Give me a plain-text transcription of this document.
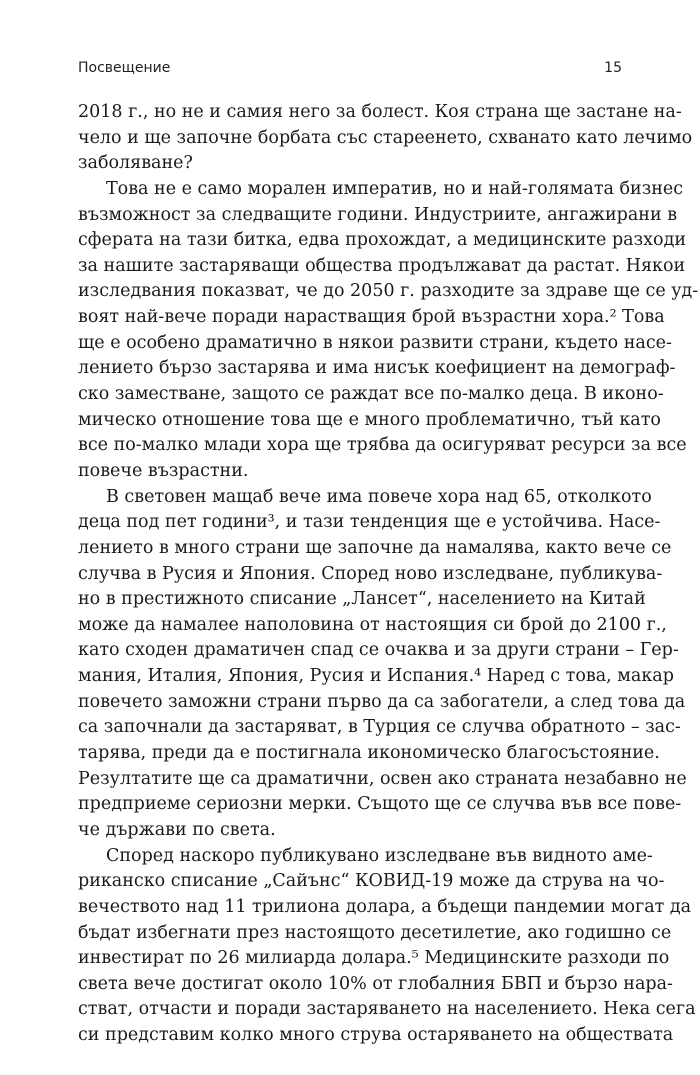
Посвещение	15
2018 г., но не и самия него за болест. Коя страна ще застане на-
чело и ще започне борбата със стареенето, схванато като лечимо
заболяване?
Това не е само морален императив, но и най-голямата бизнес
възможност за следващите години. Индустриите, ангажирани в
сферата на тази битка, едва прохождат, а медицинските разходи
за нашите застаряващи общества продължават да растат. Някои
изследвания показват, че до 2050 г. разходите за здраве ще се уд-
воят най-вече поради нарастващия брой възрастни хора.² Това
ще е особено драматично в някои развити страни, където насе-
лението бързо застарява и има нисък коефициент на демограф-
ско заместване, защото се раждат все по-малко деца. В иконо-
мическо отношение това ще е много проблематично, тъй като
все по-малко млади хора ще трябва да осигуряват ресурси за все
повече възрастни.
В световен мащаб вече има повече хора над 65, отколкото
деца под пет години³, и тази тенденция ще е устойчива. Насе-
лението в много страни ще започне да намалява, както вече се
случва в Русия и Япония. Според ново изследване, публикува-
но в престижното списание „Лансет“, населението на Китай
може да намалее наполовина от настоящия си брой до 2100 г.,
като сходен драматичен спад се очаква и за други страни – Гер-
мания, Италия, Япония, Русия и Испания.⁴ Наред с това, макар
повечето заможни страни първо да са забогатели, а след това да
са започнали да застаряват, в Турция се случва обратното – зас-
тарява, преди да е постигнала икономическо благосъстояние.
Резултатите ще са драматични, освен ако страната незабавно не
предприеме сериозни мерки. Същото ще се случва във все пове-
че държави по света.
Според наскоро публикувано изследване във видното аме-
риканско списание „Сайънс“ КОВИД-19 може да струва на чо-
вечеството над 11 трилиона долара, а бъдещи пандемии могат да
бъдат избегнати през настоящото десетилетие, ако годишно се
инвестират по 26 милиарда долара.⁵ Медицинските разходи по
света вече достигат около 10% от глобалния БВП и бързо нара-
стват, отчасти и поради застаряването на населението. Нека сега
си представим колко много струва остаряването на обществата
